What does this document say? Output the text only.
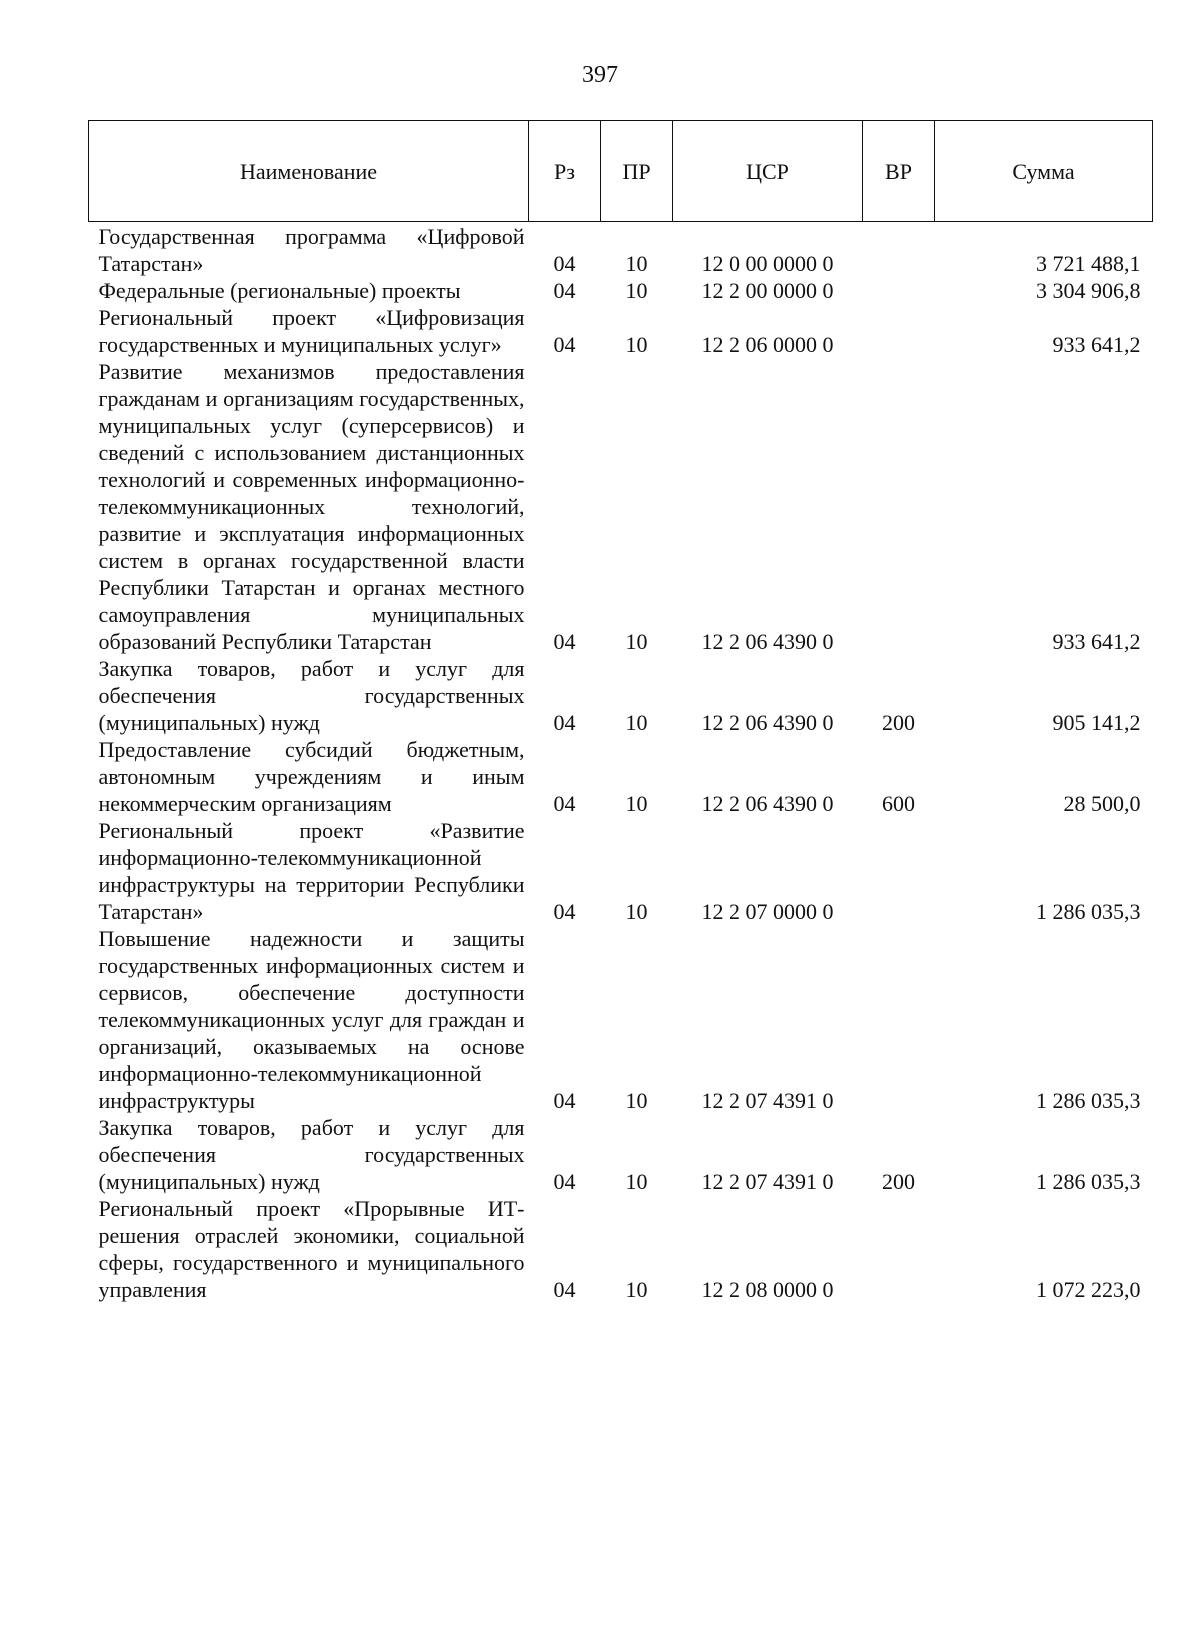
397
Наименование	Рз	ПР	ЦСР	ВР	Сумма
Государственная программа «Цифровой Татарстан»	04	10	12 0 00 0000 0		3 721 488,1
Федеральные (региональные) проекты	04	10	12 2 00 0000 0		3 304 906,8
Региональный проект «Цифровизация государственных и муниципальных услуг»	04	10	12 2 06 0000 0		933 641,2
Развитие механизмов предоставления гражданам и организациям государственных, муниципальных услуг (суперсервисов) и сведений с использованием дистанционных технологий и современных информационно-телекоммуникационных технологий, развитие и эксплуатация информационных систем в органах государственной власти Республики Татарстан и органах местного самоуправления муниципальных образований Республики Татарстан	04	10	12 2 06 4390 0		933 641,2
Закупка товаров, работ и услуг для обеспечения государственных (муниципальных) нужд	04	10	12 2 06 4390 0	200	905 141,2
Предоставление субсидий бюджетным, автономным учреждениям и иным некоммерческим организациям	04	10	12 2 06 4390 0	600	28 500,0
Региональный проект «Развитие информационно-телекоммуникационной инфраструктуры на территории Республики Татарстан»	04	10	12 2 07 0000 0		1 286 035,3
Повышение надежности и защиты государственных информационных систем и сервисов, обеспечение доступности телекоммуникационных услуг для граждан и организаций, оказываемых на основе информационно-телекоммуникационной инфраструктуры	04	10	12 2 07 4391 0		1 286 035,3
Закупка товаров, работ и услуг для обеспечения государственных (муниципальных) нужд	04	10	12 2 07 4391 0	200	1 286 035,3
Региональный проект «Прорывные ИТ-решения отраслей экономики, социальной сферы, государственного и муниципального управления	04	10	12 2 08 0000 0		1 072 223,0
